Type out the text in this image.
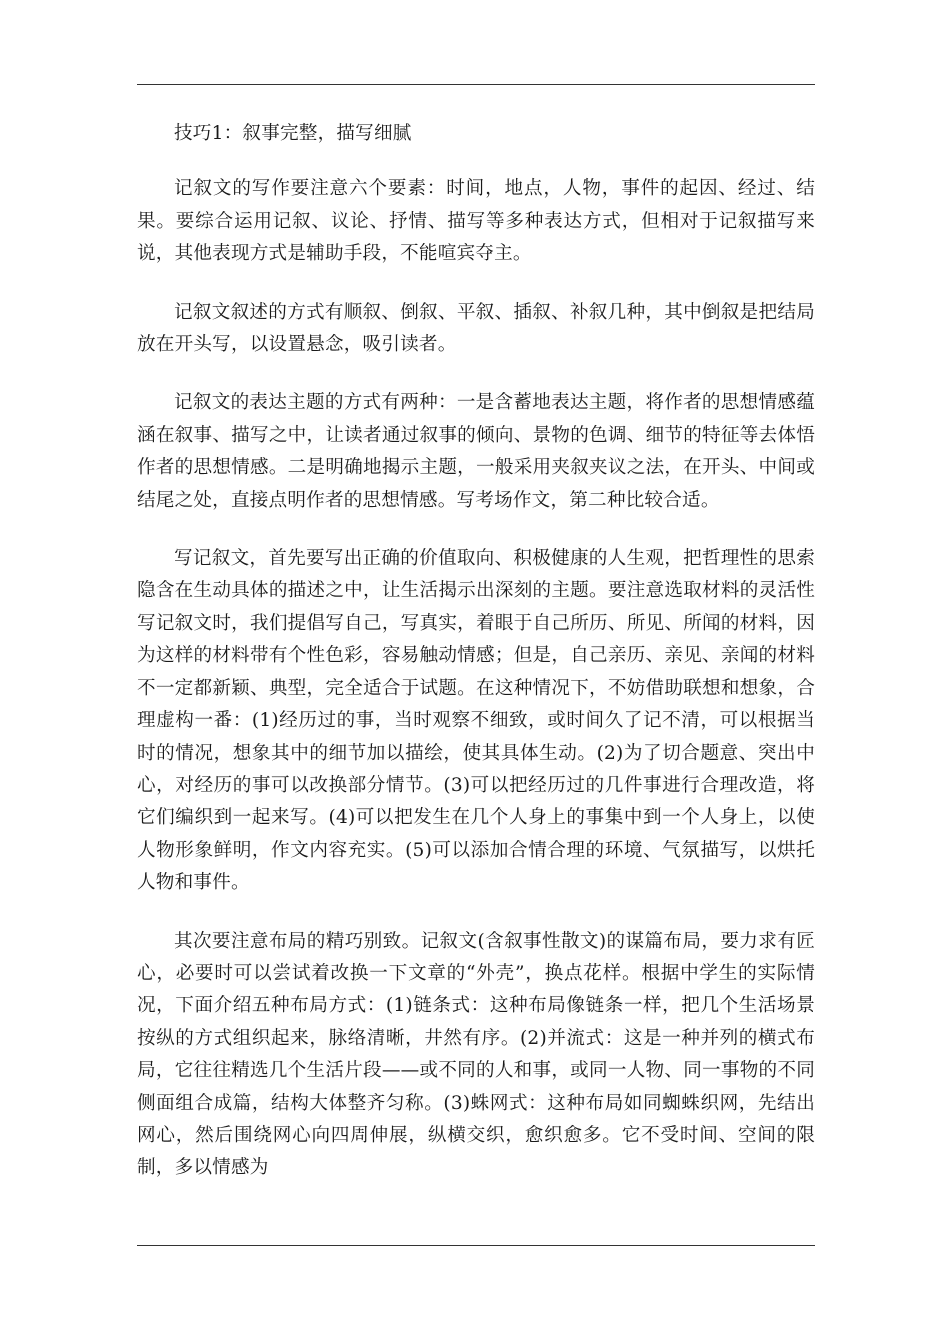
技巧1：叙事完整，描写细腻

记叙文的写作要注意六个要素：时间，地点，人物，事件的起因、经过、结果。要综合运用记叙、议论、抒情、描写等多种表达方式，但相对于记叙描写来说，其他表现方式是辅助手段，不能喧宾夺主。

记叙文叙述的方式有顺叙、倒叙、平叙、插叙、补叙几种，其中倒叙是把结局放在开头写，以设置悬念，吸引读者。

记叙文的表达主题的方式有两种：一是含蓄地表达主题，将作者的思想情感蕴涵在叙事、描写之中，让读者通过叙事的倾向、景物的色调、细节的特征等去体悟作者的思想情感。二是明确地揭示主题，一般采用夹叙夹议之法，在开头、中间或结尾之处，直接点明作者的思想情感。写考场作文，第二种比较合适。

写记叙文，首先要写出正确的价值取向、积极健康的人生观，把哲理性的思索隐含在生动具体的描述之中，让生活揭示出深刻的主题。要注意选取材料的灵活性写记叙文时，我们提倡写自己，写真实，着眼于自己所历、所见、所闻的材料，因为这样的材料带有个性色彩，容易触动情感；但是，自己亲历、亲见、亲闻的材料不一定都新颖、典型，完全适合于试题。在这种情况下，不妨借助联想和想象，合理虚构一番：(1)经历过的事，当时观察不细致，或时间久了记不清，可以根据当时的情况，想象其中的细节加以描绘，使其具体生动。(2)为了切合题意、突出中心，对经历的事可以改换部分情节。(3)可以把经历过的几件事进行合理改造，将它们编织到一起来写。(4)可以把发生在几个人身上的事集中到一个人身上，以使人物形象鲜明，作文内容充实。(5)可以添加合情合理的环境、气氛描写，以烘托人物和事件。

其次要注意布局的精巧别致。记叙文(含叙事性散文)的谋篇布局，要力求有匠心，必要时可以尝试着改换一下文章的“外壳”，换点花样。根据中学生的实际情况，下面介绍五种布局方式：(1)链条式：这种布局像链条一样，把几个生活场景按纵的方式组织起来，脉络清晰，井然有序。(2)并流式：这是一种并列的横式布局，它往往精选几个生活片段——或不同的人和事，或同一人物、同一事物的不同侧面组合成篇，结构大体整齐匀称。(3)蛛网式：这种布局如同蜘蛛织网，先结出网心，然后围绕网心向四周伸展，纵横交织，愈织愈多。它不受时间、空间的限制，多以情感为
